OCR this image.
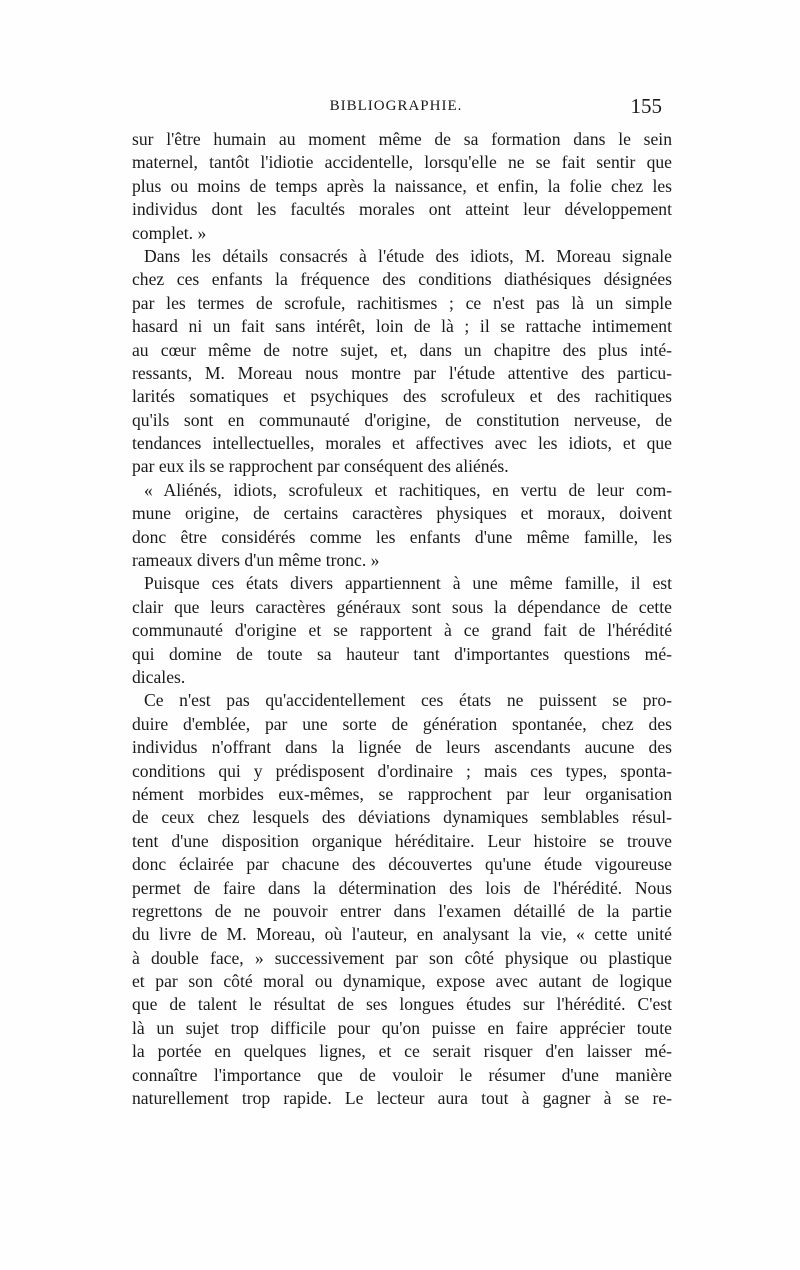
BIBLIOGRAPHIE.	155
sur l'être humain au moment même de sa formation dans le sein
maternel, tantôt l'idiotie accidentelle, lorsqu'elle ne se fait sentir que
plus ou moins de temps après la naissance, et enfin, la folie chez les
individus dont les facultés morales ont atteint leur développement
complet. »
Dans les détails consacrés à l'étude des idiots, M. Moreau signale
chez ces enfants la fréquence des conditions diathésiques désignées
par les termes de scrofule, rachitismes ; ce n'est pas là un simple
hasard ni un fait sans intérêt, loin de là ; il se rattache intimement
au cœur même de notre sujet, et, dans un chapitre des plus inté-
ressants, M. Moreau nous montre par l'étude attentive des particu-
larités somatiques et psychiques des scrofuleux et des rachitiques
qu'ils sont en communauté d'origine, de constitution nerveuse, de
tendances intellectuelles, morales et affectives avec les idiots, et que
par eux ils se rapprochent par conséquent des aliénés.
« Aliénés, idiots, scrofuleux et rachitiques, en vertu de leur com-
mune origine, de certains caractères physiques et moraux, doivent
donc être considérés comme les enfants d'une même famille, les
rameaux divers d'un même tronc. »
Puisque ces états divers appartiennent à une même famille, il est
clair que leurs caractères généraux sont sous la dépendance de cette
communauté d'origine et se rapportent à ce grand fait de l'hérédité
qui domine de toute sa hauteur tant d'importantes questions mé-
dicales.
Ce n'est pas qu'accidentellement ces états ne puissent se pro-
duire d'emblée, par une sorte de génération spontanée, chez des
individus n'offrant dans la lignée de leurs ascendants aucune des
conditions qui y prédisposent d'ordinaire ; mais ces types, sponta-
nément morbides eux-mêmes, se rapprochent par leur organisation
de ceux chez lesquels des déviations dynamiques semblables résul-
tent d'une disposition organique héréditaire. Leur histoire se trouve
donc éclairée par chacune des découvertes qu'une étude vigoureuse
permet de faire dans la détermination des lois de l'hérédité. Nous
regrettons de ne pouvoir entrer dans l'examen détaillé de la partie
du livre de M. Moreau, où l'auteur, en analysant la vie, « cette unité
à double face, » successivement par son côté physique ou plastique
et par son côté moral ou dynamique, expose avec autant de logique
que de talent le résultat de ses longues études sur l'hérédité. C'est
là un sujet trop difficile pour qu'on puisse en faire apprécier toute
la portée en quelques lignes, et ce serait risquer d'en laisser mé-
connaître l'importance que de vouloir le résumer d'une manière
naturellement trop rapide. Le lecteur aura tout à gagner à se re-
